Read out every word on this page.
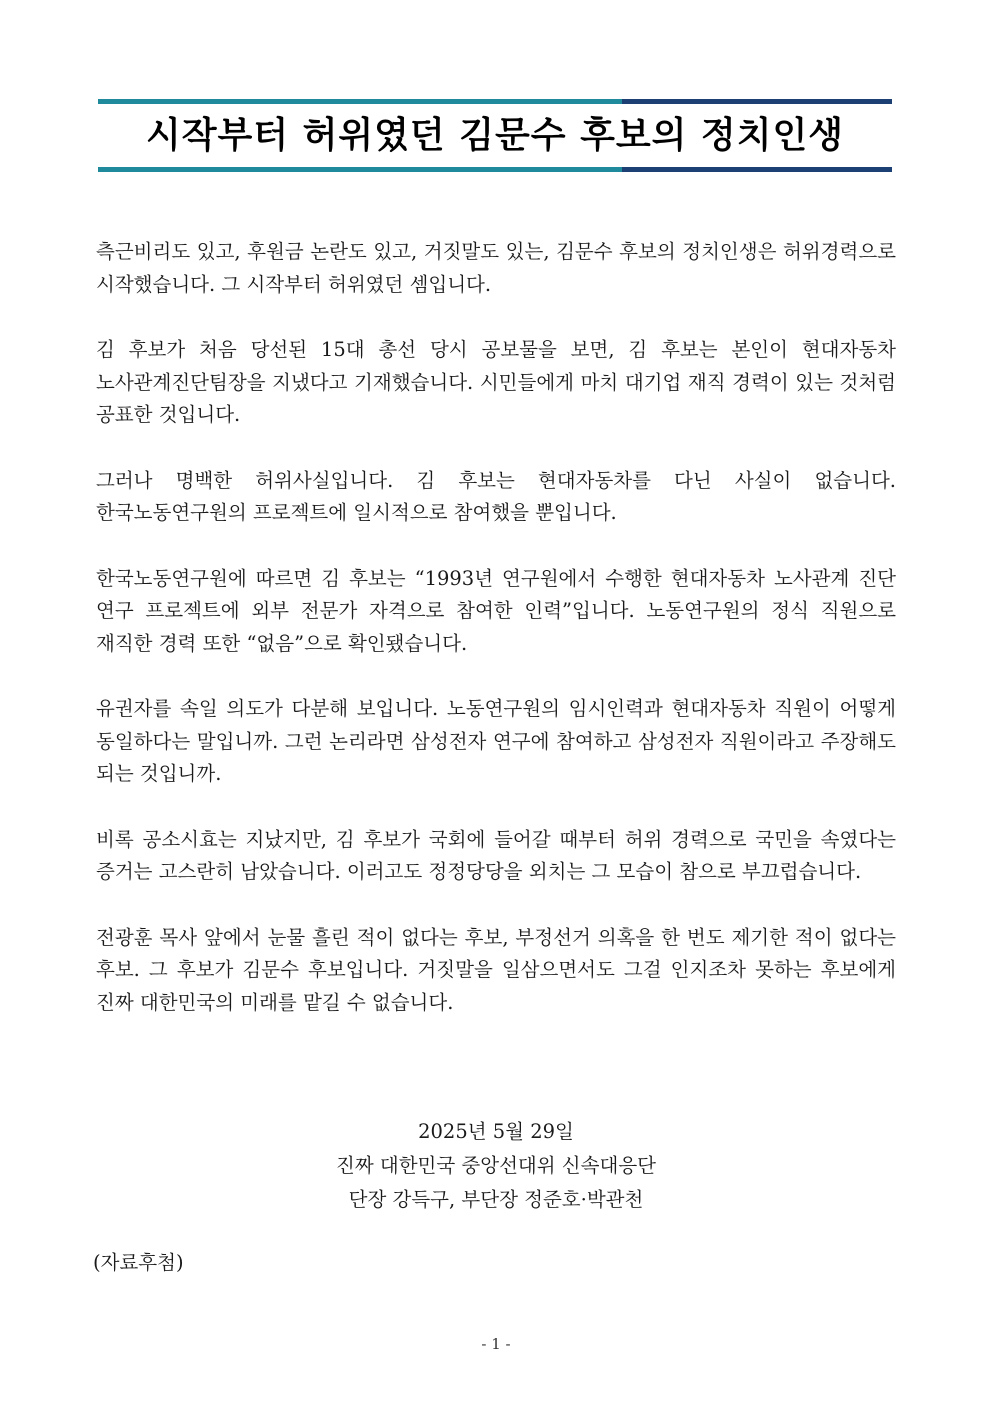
시작부터 허위였던 김문수 후보의 정치인생

측근비리도 있고, 후원금 논란도 있고, 거짓말도 있는, 김문수 후보의 정치인생은 허위경력으로 시작했습니다. 그 시작부터 허위였던 셈입니다.

김 후보가 처음 당선된 15대 총선 당시 공보물을 보면, 김 후보는 본인이 현대자동차 노사관계진단팀장을 지냈다고 기재했습니다. 시민들에게 마치 대기업 재직 경력이 있는 것처럼 공표한 것입니다.

그러나 명백한 허위사실입니다. 김 후보는 현대자동차를 다닌 사실이 없습니다. 한국노동연구원의 프로젝트에 일시적으로 참여했을 뿐입니다.

한국노동연구원에 따르면 김 후보는 “1993년 연구원에서 수행한 현대자동차 노사관계 진단 연구 프로젝트에 외부 전문가 자격으로 참여한 인력”입니다. 노동연구원의 정식 직원으로 재직한 경력 또한 “없음”으로 확인됐습니다.

유권자를 속일 의도가 다분해 보입니다. 노동연구원의 임시인력과 현대자동차 직원이 어떻게 동일하다는 말입니까. 그런 논리라면 삼성전자 연구에 참여하고 삼성전자 직원이라고 주장해도 되는 것입니까.

비록 공소시효는 지났지만, 김 후보가 국회에 들어갈 때부터 허위 경력으로 국민을 속였다는 증거는 고스란히 남았습니다. 이러고도 정정당당을 외치는 그 모습이 참으로 부끄럽습니다.

전광훈 목사 앞에서 눈물 흘린 적이 없다는 후보, 부정선거 의혹을 한 번도 제기한 적이 없다는 후보. 그 후보가 김문수 후보입니다. 거짓말을 일삼으면서도 그걸 인지조차 못하는 후보에게 진짜 대한민국의 미래를 맡길 수 없습니다.

2025년 5월 29일
진짜 대한민국 중앙선대위 신속대응단
단장 강득구, 부단장 정준호·박관천
(자료후첨)
- 1 -
